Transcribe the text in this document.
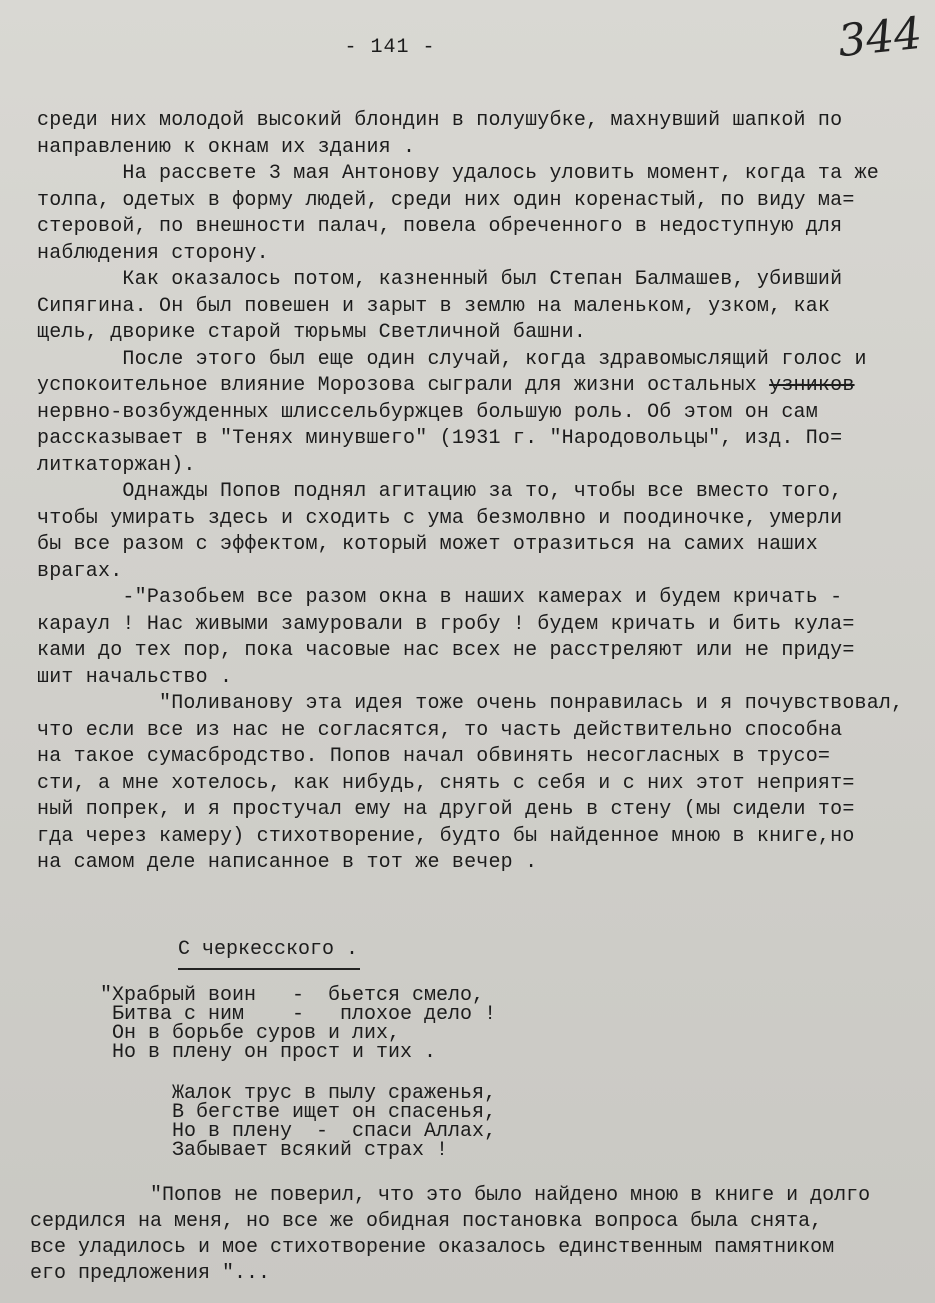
- 141 -	344
среди них молодой высокий блондин в полушубке, махнувший шапкой по
направлению к окнам их здания .
На рассвете 3 мая Антонову удалось уловить момент, когда та же
толпа, одетых в форму людей, среди них один коренастый, по виду ма=
стеровой, по внешности палач, повела обреченного в недоступную для
наблюдения сторону.
Как оказалось потом, казненный был Степан Балмашев, убивший
Сипягина. Он был повешен и зарыт в землю на маленьком, узком, как
щель, дворике старой тюрьмы Светличной башни.
После этого был еще один случай, когда здравомыслящий голос и
успокоительное влияние Морозова сыграли для жизни остальных узников
нервно-возбужденных шлиссельбуржцев большую роль. Об этом он сам
рассказывает в "Тенях минувшего" (1931 г. "Народовольцы", изд. По=
литкаторжан).
Однажды Попов поднял агитацию за то, чтобы все вместо того,
чтобы умирать здесь и сходить с ума безмолвно и поодиночке, умерли
бы все разом с эффектом, который может отразиться на самих наших
врагах.
-"Разобьем все разом окна в наших камерах и будем кричать -
караул ! Нас живыми замуровали в гробу ! будем кричать и бить кула=
ками до тех пор, пока часовые нас всех не расстреляют или не приду=
шит начальство .
"Поливанову эта идея тоже очень понравилась и я почувствовал,
что если все из нас не согласятся, то часть действительно способна
на такое сумасбродство. Попов начал обвинять несогласных в трусо=
сти, а мне хотелось, как нибудь, снять с себя и с них этот неприят=
ный попрек, и я простучал ему на другой день в стену (мы сидели то=
гда через камеру) стихотворение, будто бы найденное мною в книге,но
на самом деле написанное в тот же вечер .
С черкесского .
"Храбрый воин   -  бьется смело,
Битва с ним    -   плохое дело !
Он в борьбе суров и лих,
Но в плену он прост и тих .
Жалок трус в пылу сраженья,
В бегстве ищет он спасенья,
Но в плену  -  спаси Аллах,
Забывает всякий страх !
"Попов не поверил, что это было найдено мною в книге и долго
сердился на меня, но все же обидная постановка вопроса была снята,
все уладилось и мое стихотворение оказалось единственным памятником
его предложения "...
